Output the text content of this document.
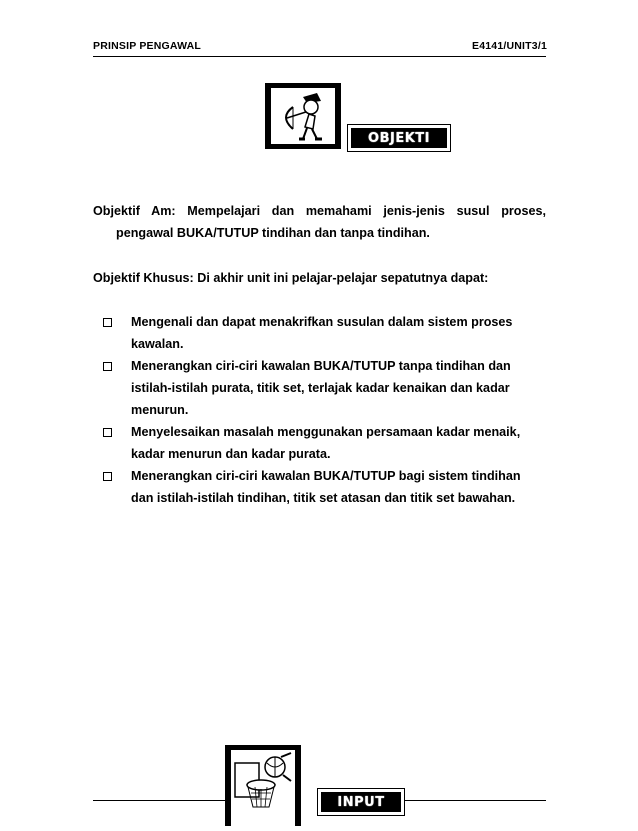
PRINSIP PENGAWAL	E4141/UNIT3/1
OBJEKTI
Objektif Am: Mempelajari dan memahami jenis-jenis susul proses,
pengawal BUKA/TUTUP tindihan dan tanpa tindihan.
Objektif Khusus: Di akhir unit ini pelajar-pelajar sepatutnya dapat:
Mengenali dan dapat menakrifkan susulan dalam sistem proses
kawalan.
Menerangkan ciri-ciri kawalan BUKA/TUTUP tanpa tindihan dan
istilah-istilah purata, titik set, terlajak kadar kenaikan dan kadar
menurun.
Menyelesaikan masalah menggunakan persamaan kadar menaik,
kadar menurun dan kadar purata.
Menerangkan ciri-ciri kawalan BUKA/TUTUP bagi sistem tindihan
dan istilah-istilah tindihan, titik set atasan dan titik set bawahan.
INPUT
